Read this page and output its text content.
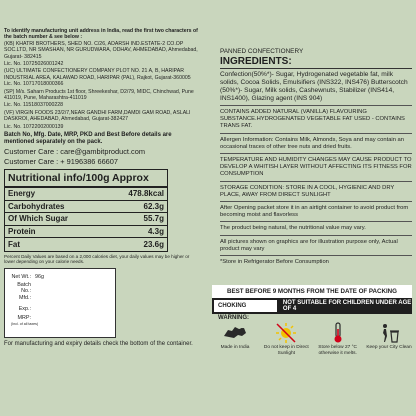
To identify manufacturing unit address in India, read the first two characters of the batch number & see below :
(KB) KHATRI BROTHERS, SHED NO. C/26, ADARSH IND.ESTATE-2 CO.OP SOC.LTD, NR SMASHAN, NR GURUDWARA, ODHAV, AHMEDABAD, Ahmedabad, Gujarat- 382415
Lic. No. 10725026001242
(UC) ULTIMATE CONFECTIONERY COMPANY PLOT NO. 21 A, B, HARIPAR INDUSTRIAL AREA, KALAWAD ROAD, HARIPAR (PAL), Rajkot, Gujarat-360005 Lic. No. 10717018000366
(SP) M/s. Saharn Products 1st floor, Shreekeshar, D2/79, MIDC, Chinchwad, Pune 411019, Pune, Maharashtra-411019
Lic. No. 11518037000228
(VF) VIRGIN FOODS 23/2/7,NEAR GANDHI FARM,DAMDI GAM ROAD, ASLALI DASKROI, AHEDABAD, Ahmedabad, Gujarat-382427
Lic. No. 10722002000139
Batch No, Mfg. Date, MRP, PKD and Best Before details are mentioned separately on the pack.
Customer Care : care@gambitproduct.com
Customer Care : + 9196386 66607
Nutritional info/100g Approx
Energy	478.8kcal
Carbohydrates	62.3g
Of Which Sugar	55.7g
Protein	4.3g
Fat	23.6g
Percent Daily Values are based on a 2,000 calories diet, your daily values may be higher or lower depending on your calorie needs.
Net Wt.: 96g
Batch No.:
Mfd.:
Exp.:
MRP:
(Incl. of all taxes)
For manufacturing and expiry details check the bottom of the container.
PANNED CONFECTIONERY
INGREDIENTS:
Confection(50%*)- Sugar, Hydrogenated vegetable fat, milk solids, Cocoa Solids, Emulsifiers (INS322, INS476) Butterscotch (50%*)- Sugar, Milk solids, Cashewnuts, Stabilizer (INS414, INS1400), Glazing agent (INS 904)
CONTAINS ADDED NATURAL (VANILLA) FLAVOURING SUBSTANCE.HYDROGENATED VEGETABLE FAT USED - CONTAINS TRANS FAT.
Allergen Information: Contains Milk, Almonds, Soya and may contain an occasional traces of other tree nuts and dried fruits.
TEMPERATURE AND HUMIDITY CHANGES MAY CAUSE PRODUCT TO DEVELOP A WHITISH LAYER WITHOUT AFFECTING ITS FITNESS FOR CONSUMPTION
STORAGE CONDITION: STORE IN A COOL, HYGIENIC AND DRY PLACE, AWAY FROM DIRECT SUNLIGHT
After Opening packet store it in an airtight container to avoid product from becoming moist and flavorless
The product being natural, the nutritional value may vary.
All pictures shown on graphics are for illustration purpose only, Actual product may vary
*Store in Refrigerator Before Consumption
BEST BEFORE 9 MONTHS FROM THE DATE OF PACKING
CHOKING WARNING:
NOT SUITABLE FOR CHILDREN UNDER AGE OF 4
Made in India	Do not keep in Direct Sunlight
Store below 27 °C otherwise it melts.
Keep your City Clean
